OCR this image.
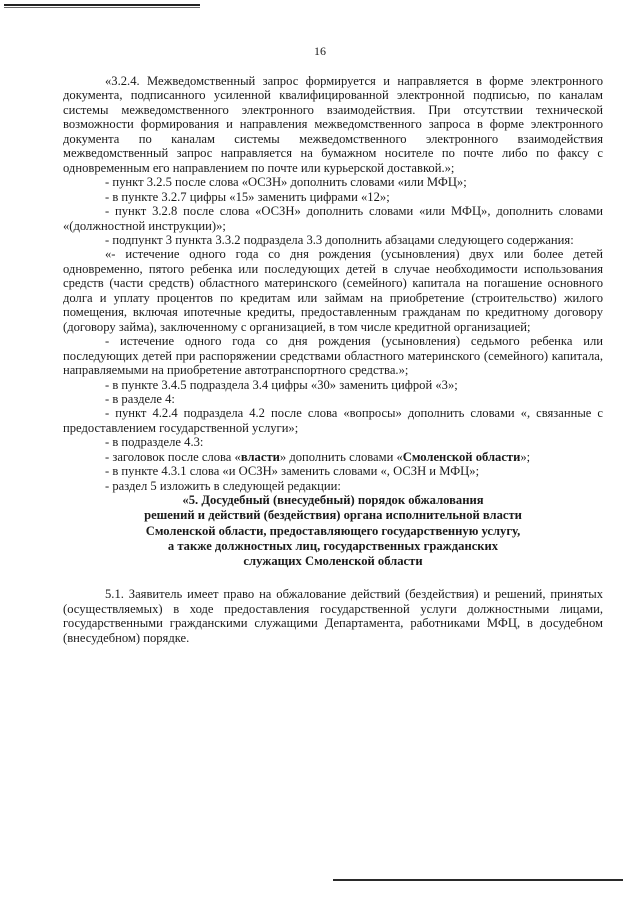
16

«3.2.4. Межведомственный запрос формируется и направляется в форме электронного документа, подписанного усиленной квалифицированной электронной подписью, по каналам системы межведомственного электронного взаимодействия. При отсутствии технической возможности формирования и направления межведомственного запроса в форме электронного документа по каналам системы межведомственного электронного взаимодействия межведомственный запрос направляется на бумажном носителе по почте либо по факсу с одновременным его направлением по почте или курьерской доставкой.»;

- пункт 3.2.5 после слова «ОСЗН» дополнить словами «или МФЦ»;

- в пункте 3.2.7 цифры «15» заменить цифрами «12»;

- пункт 3.2.8 после слова «ОСЗН» дополнить словами «или МФЦ», дополнить словами «(должностной инструкции)»;

- подпункт 3 пункта 3.3.2 подраздела 3.3 дополнить абзацами следующего содержания:

«- истечение одного года со дня рождения (усыновления) двух или более детей одновременно, пятого ребенка или последующих детей в случае необходимости использования средств (части средств) областного материнского (семейного) капитала на погашение основного долга и уплату процентов по кредитам или займам на приобретение (строительство) жилого помещения, включая ипотечные кредиты, предоставленным гражданам по кредитному договору (договору займа), заключенному с организацией, в том числе кредитной организацией;

- истечение одного года со дня рождения (усыновления) седьмого ребенка или последующих детей при распоряжении средствами областного материнского (семейного) капитала, направляемыми на приобретение автотранспортного средства.»;

- в пункте 3.4.5 подраздела 3.4 цифры «30» заменить цифрой «3»;

- в разделе 4:

- пункт 4.2.4 подраздела 4.2 после слова «вопросы» дополнить словами «, связанные с предоставлением государственной услуги»;

- в подразделе 4.3:

- заголовок после слова «власти» дополнить словами «Смоленской области»;

- в пункте 4.3.1 слова «и ОСЗН» заменить словами «, ОСЗН и МФЦ»;

- раздел 5 изложить в следующей редакции:

«5. Досудебный (внесудебный) порядок обжалования
решений и действий (бездействия) органа исполнительной власти
Смоленской области, предоставляющего государственную услугу,
а также должностных лиц, государственных гражданских
служащих Смоленской области

5.1. Заявитель имеет право на обжалование действий (бездействия) и решений, принятых (осуществляемых) в ходе предоставления государственной услуги должностными лицами, государственными гражданскими служащими Департамента, работниками МФЦ, в досудебном (внесудебном) порядке.
